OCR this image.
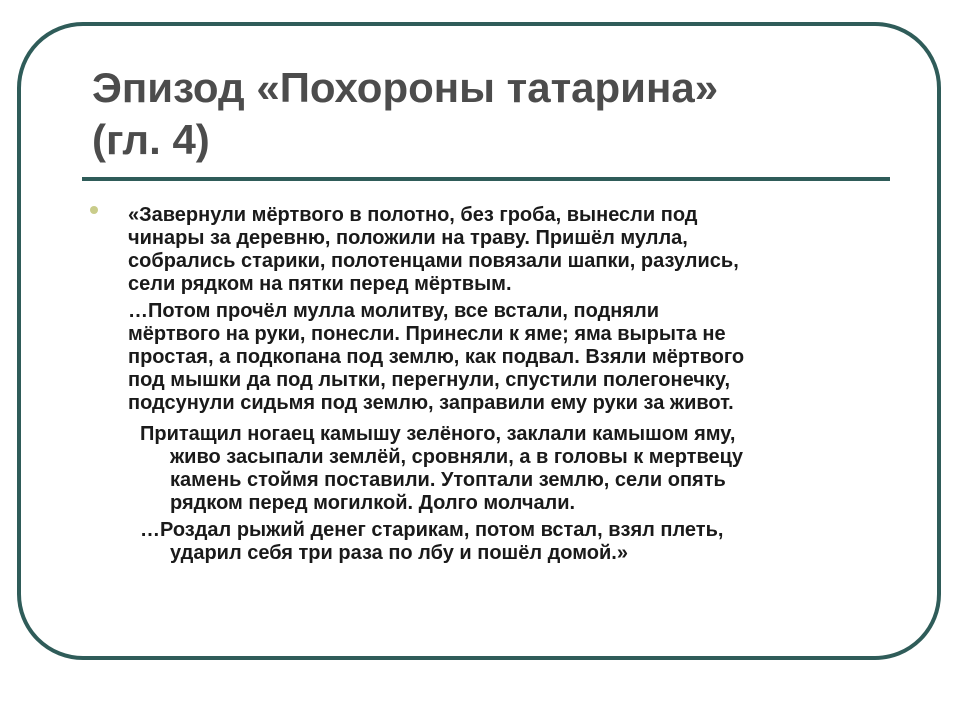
Эпизод «Похороны татарина»
(гл. 4)

«Завернули мёртвого в полотно, без гроба, вынесли под
чинары за деревню, положили на траву. Пришёл мулла,
собрались старики, полотенцами повязали шапки, разулись,
сели рядком на пятки перед мёртвым.

…Потом прочёл мулла молитву, все встали, подняли
мёртвого на руки, понесли. Принесли к яме; яма вырыта не
простая, а подкопана под землю, как подвал. Взяли мёртвого
под мышки да под лытки, перегнули, спустили полегонечку,
подсунули сидьмя под землю, заправили ему руки за живот.

Притащил ногаец камышу зелёного, заклали камышом яму,
живо засыпали землёй, сровняли, а в головы к мертвецу
камень стоймя поставили. Утоптали землю, сели опять
рядком перед могилкой. Долго молчали.

…Роздал рыжий денег старикам, потом встал, взял плеть,
ударил себя три раза по лбу и пошёл домой.»
